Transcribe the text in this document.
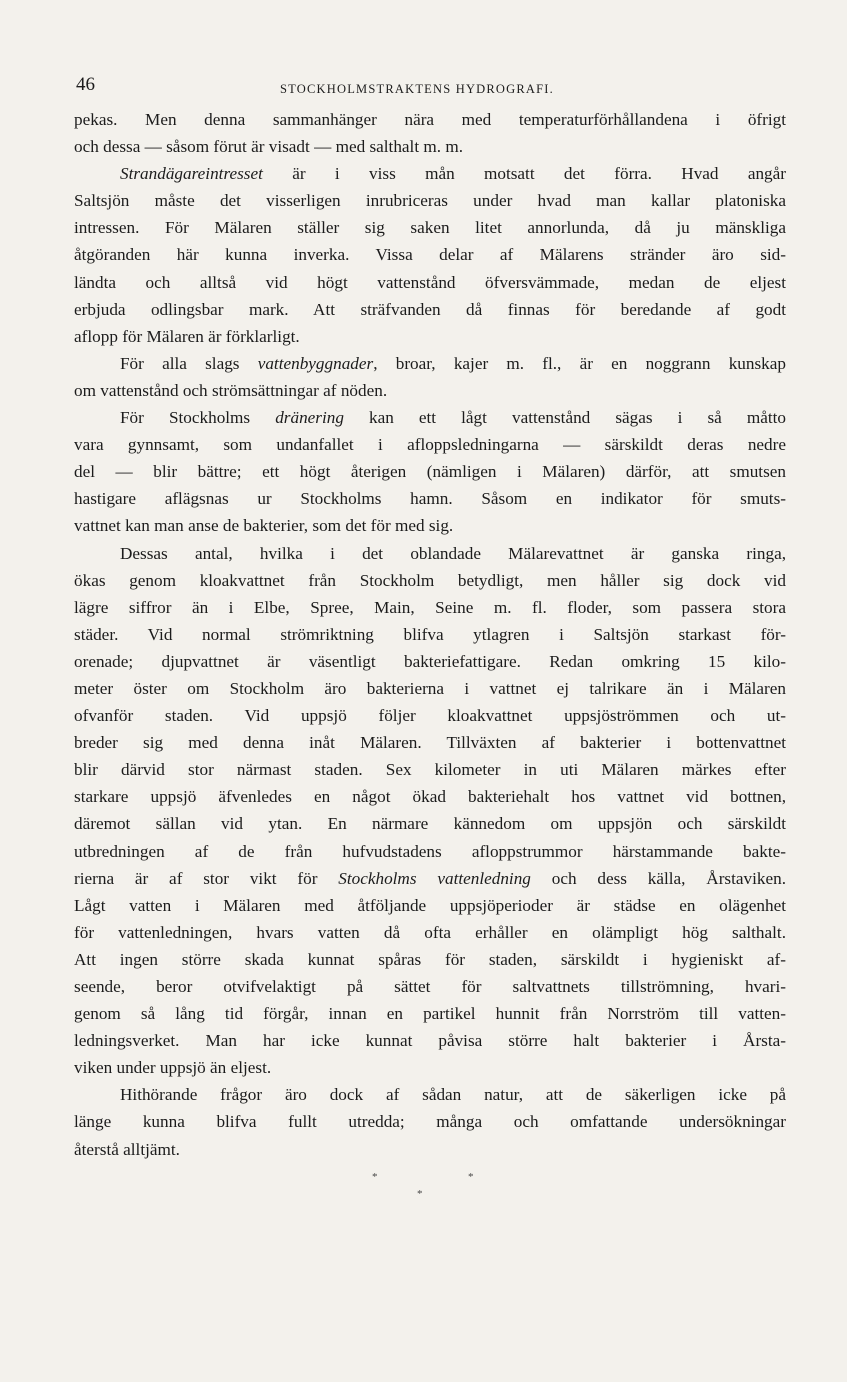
46	STOCKHOLMSTRAKTENS HYDROGRAFI.
pekas. Men denna sammanhänger nära med temperaturförhållandena i öfrigt
och dessa — såsom förut är visadt — med salthalt m. m.
Strandägareintresset är i viss mån motsatt det förra. Hvad angår
Saltsjön måste det visserligen inrubriceras under hvad man kallar platoniska
intressen. För Mälaren ställer sig saken litet annorlunda, då ju mänskliga
åtgöranden här kunna inverka. Vissa delar af Mälarens stränder äro sid-
ländta och alltså vid högt vattenstånd öfversvämmade, medan de eljest
erbjuda odlingsbar mark. Att sträfvanden då finnas för beredande af godt
aflopp för Mälaren är förklarligt.
För alla slags vattenbyggnader, broar, kajer m. fl., är en noggrann kunskap
om vattenstånd och strömsättningar af nöden.
För Stockholms dränering kan ett lågt vattenstånd sägas i så måtto
vara gynnsamt, som undanfallet i afloppsledningarna — särskildt deras nedre
del — blir bättre; ett högt återigen (nämligen i Mälaren) därför, att smutsen
hastigare aflägsnas ur Stockholms hamn. Såsom en indikator för smuts-
vattnet kan man anse de bakterier, som det för med sig.
Dessas antal, hvilka i det oblandade Mälarevattnet är ganska ringa,
ökas genom kloakvattnet från Stockholm betydligt, men håller sig dock vid
lägre siffror än i Elbe, Spree, Main, Seine m. fl. floder, som passera stora
städer. Vid normal strömriktning blifva ytlagren i Saltsjön starkast för-
orenade; djupvattnet är väsentligt bakteriefattigare. Redan omkring 15 kilo-
meter öster om Stockholm äro bakterierna i vattnet ej talrikare än i Mälaren
ofvanför staden. Vid uppsjö följer kloakvattnet uppsjöströmmen och ut-
breder sig med denna inåt Mälaren. Tillväxten af bakterier i bottenvattnet
blir därvid stor närmast staden. Sex kilometer in uti Mälaren märkes efter
starkare uppsjö äfvenledes en något ökad bakteriehalt hos vattnet vid bottnen,
däremot sällan vid ytan. En närmare kännedom om uppsjön och särskildt
utbredningen af de från hufvudstadens afloppstrummor härstammande bakte-
rierna är af stor vikt för Stockholms vattenledning och dess källa, Årstaviken.
Lågt vatten i Mälaren med åtföljande uppsjöperioder är städse en olägenhet
för vattenledningen, hvars vatten då ofta erhåller en olämpligt hög salthalt.
Att ingen större skada kunnat spåras för staden, särskildt i hygieniskt af-
seende, beror otvifvelaktigt på sättet för saltvattnets tillströmning, hvari-
genom så lång tid förgår, innan en partikel hunnit från Norrström till vatten-
ledningsverket. Man har icke kunnat påvisa större halt bakterier i Årsta-
viken under uppsjö än eljest.
Hithörande frågor äro dock af sådan natur, att de säkerligen icke på
länge kunna blifva fullt utredda; många och omfattande undersökningar
återstå alltjämt.
*	*
*
